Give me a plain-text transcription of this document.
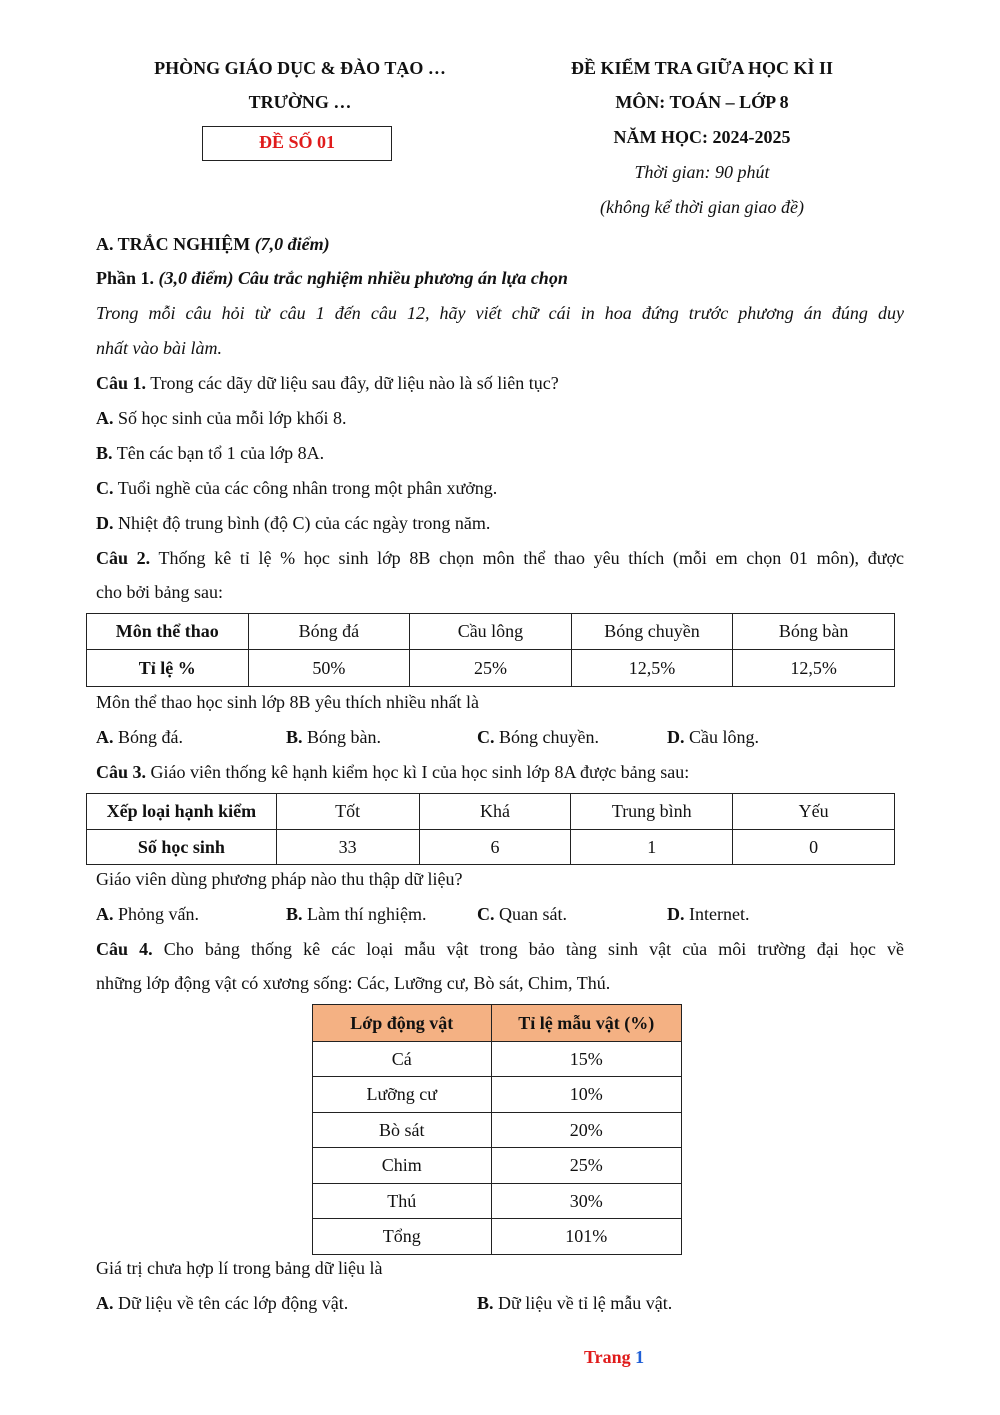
PHÒNG GIÁO DỤC & ĐÀO TẠO …
TRƯỜNG …
ĐỀ SỐ 01
ĐỀ KIỂM TRA GIỮA HỌC KÌ II
MÔN: TOÁN – LỚP 8
NĂM HỌC: 2024-2025
Thời gian: 90 phút
(không kể thời gian giao đề)
A. TRẮC NGHIỆM (7,0 điểm)
Phần 1. (3,0 điểm) Câu trắc nghiệm nhiều phương án lựa chọn
Trong mỗi câu hỏi từ câu 1 đến câu 12, hãy viết chữ cái in hoa đứng trước phương án đúng duy
nhất vào bài làm.
Câu 1. Trong các dãy dữ liệu sau đây, dữ liệu nào là số liên tục?
A. Số học sinh của mỗi lớp khối 8.
B. Tên các bạn tổ 1 của lớp 8A.
C. Tuổi nghề của các công nhân trong một phân xưởng.
D. Nhiệt độ trung bình (độ C) của các ngày trong năm.
Câu 2. Thống kê tỉ lệ % học sinh lớp 8B chọn môn thể thao yêu thích (mỗi em chọn 01 môn), được
cho bởi bảng sau:
Môn thể thao	Bóng đá	Cầu lông	Bóng chuyền	Bóng bàn
Tỉ lệ %	50%	25%	12,5%	12,5%
Môn thể thao học sinh lớp 8B yêu thích nhiều nhất là
A. Bóng đá.	B. Bóng bàn.	C. Bóng chuyền.	D. Cầu lông.
Câu 3. Giáo viên thống kê hạnh kiểm học kì I của học sinh lớp 8A được bảng sau:
Xếp loại hạnh kiểm	Tốt	Khá	Trung bình	Yếu
Số học sinh	33	6	1	0
Giáo viên dùng phương pháp nào thu thập dữ liệu?
A. Phỏng vấn.	B. Làm thí nghiệm.	C. Quan sát.	D. Internet.
Câu 4. Cho bảng thống kê các loại mẫu vật trong bảo tàng sinh vật của môi trường đại học về
những lớp động vật có xương sống: Các, Lưỡng cư, Bò sát, Chim, Thú.
Lớp động vật	Tỉ lệ mẫu vật (%)
Cá	15%
Lưỡng cư	10%
Bò sát	20%
Chim	25%
Thú	30%
Tổng	101%
Giá trị chưa hợp lí trong bảng dữ liệu là
A. Dữ liệu về tên các lớp động vật.	B. Dữ liệu về tỉ lệ mẫu vật.
Trang 1
